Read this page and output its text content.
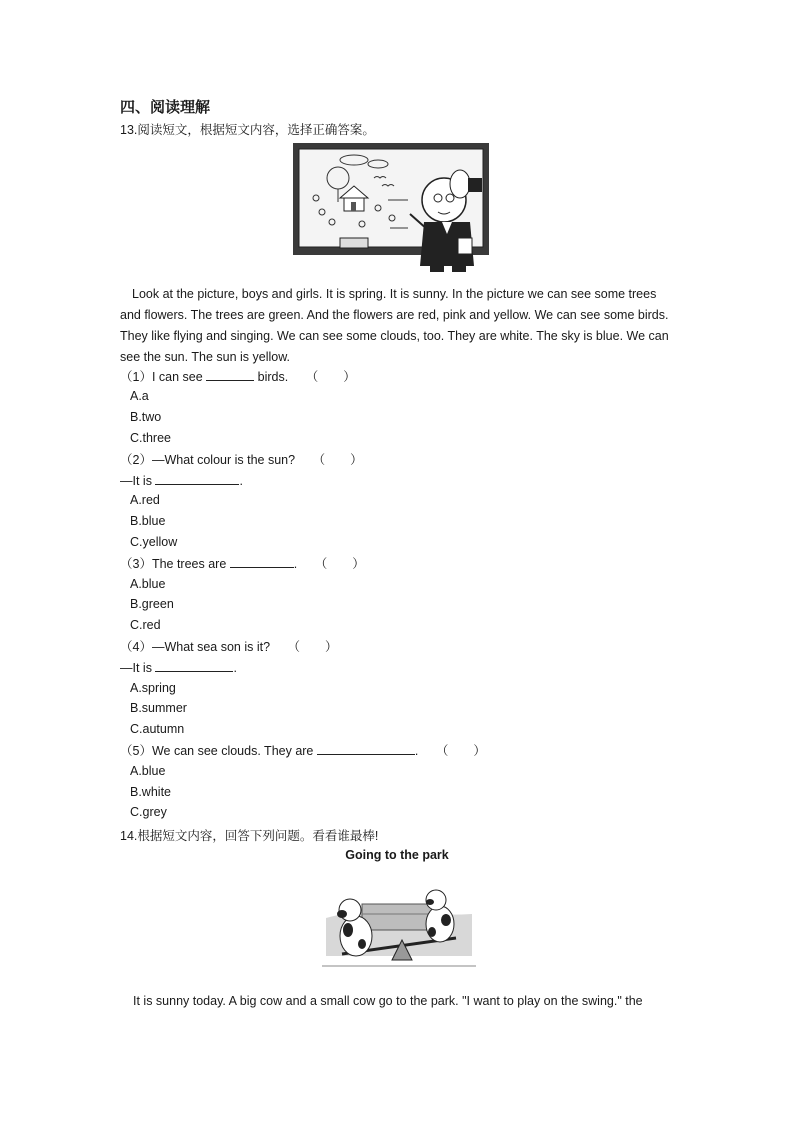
四、阅读理解
13.阅读短文，根据短文内容，选择正确答案。
Look at the picture, boys and girls. It is spring. It is sunny. In the picture we can see some trees and flowers. The trees are green. And the flowers are red, pink and yellow. We can see some birds. They like flying and singing. We can see some clouds, too. They are white. The sky is blue. We can see the sun. The sun is yellow.
（1）I can see	birds. （　　）
A.a
B.two
C.three
（2）—What colour is the sun? （　　）
—It is	.
A.red
B.blue
C.yellow
（3）The trees are	. （　　）
A.blue
B.green
C.red
（4）—What sea son is it? （　　）
—It is	.
A.spring
B.summer
C.autumn
（5）We can see clouds. They are	. （　　）
A.blue
B.white
C.grey
14.根据短文内容，回答下列问题。看看谁最棒!
Going to the park
It is sunny today. A big cow and a small cow go to the park. "I want to play on the swing." the
